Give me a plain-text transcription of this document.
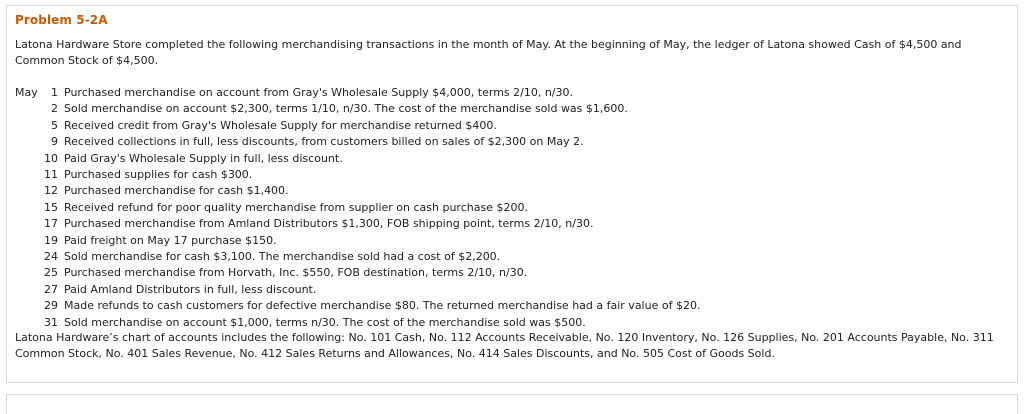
Problem 5-2A
Latona Hardware Store completed the following merchandising transactions in the month of May. At the beginning of May, the ledger of Latona showed Cash of $4,500 and Common Stock of $4,500.
May	1 Purchased merchandise on account from Gray's Wholesale Supply $4,000, terms 2/10, n/30.
2 Sold merchandise on account $2,300, terms 1/10, n/30. The cost of the merchandise sold was $1,600.
5 Received credit from Gray's Wholesale Supply for merchandise returned $400.
9 Received collections in full, less discounts, from customers billed on sales of $2,300 on May 2.
10 Paid Gray's Wholesale Supply in full, less discount.
11 Purchased supplies for cash $300.
12 Purchased merchandise for cash $1,400.
15 Received refund for poor quality merchandise from supplier on cash purchase $200.
17 Purchased merchandise from Amland Distributors $1,300, FOB shipping point, terms 2/10, n/30.
19 Paid freight on May 17 purchase $150.
24 Sold merchandise for cash $3,100. The merchandise sold had a cost of $2,200.
25 Purchased merchandise from Horvath, Inc. $550, FOB destination, terms 2/10, n/30.
27 Paid Amland Distributors in full, less discount.
29 Made refunds to cash customers for defective merchandise $80. The returned merchandise had a fair value of $20.
31 Sold merchandise on account $1,000, terms n/30. The cost of the merchandise sold was $500.
Latona Hardware’s chart of accounts includes the following: No. 101 Cash, No. 112 Accounts Receivable, No. 120 Inventory, No. 126 Supplies, No. 201 Accounts Payable, No. 311 Common Stock, No. 401 Sales Revenue, No. 412 Sales Returns and Allowances, No. 414 Sales Discounts, and No. 505 Cost of Goods Sold.
